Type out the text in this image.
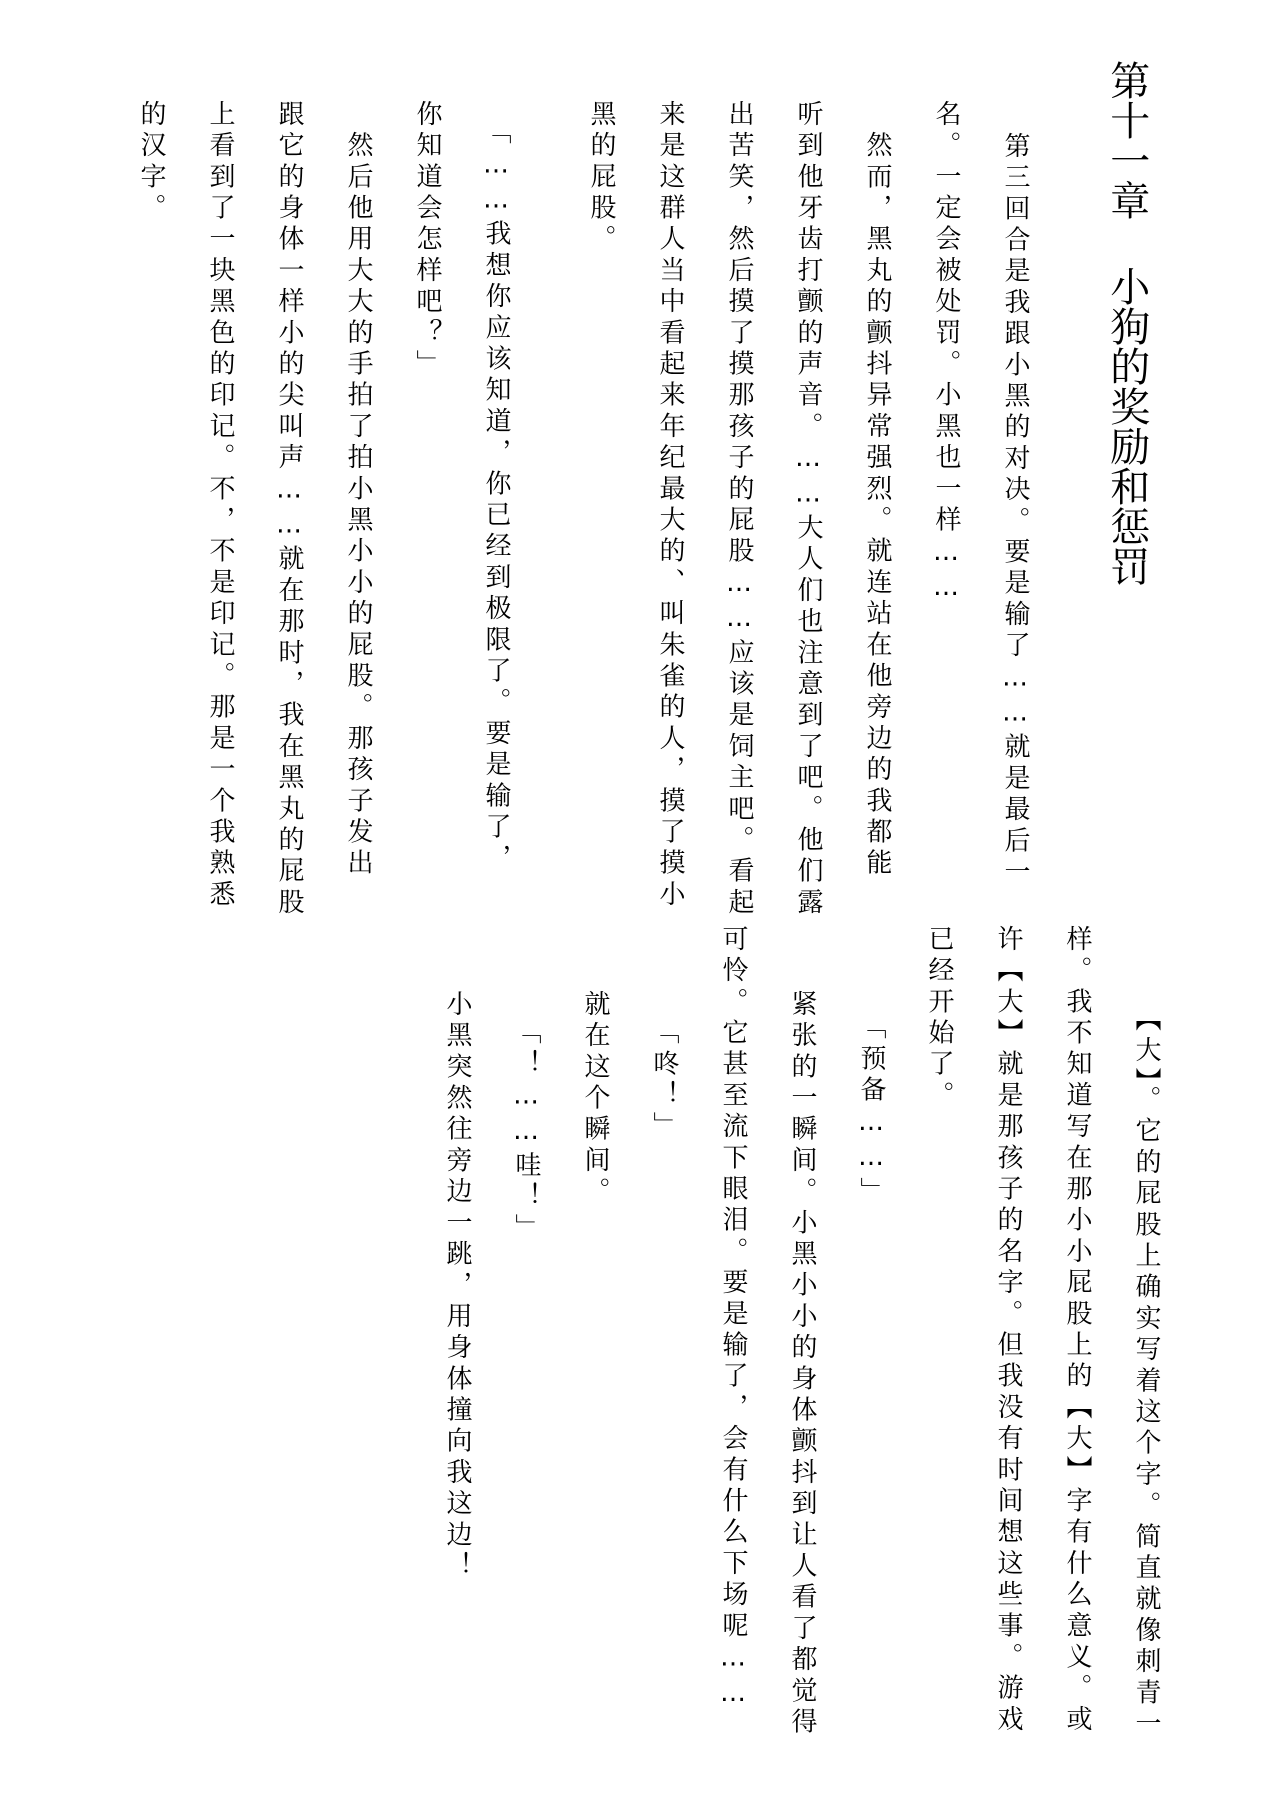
第十一章 小狗的奖励和惩罚
第三回合是我跟小黑的对决。要是输了……就是最后一
名。一定会被处罚。小黑也一样……
　然而，黑丸的颤抖异常强烈。就连站在他旁边的我都能
听到他牙齿打颤的声音。……大人们也注意到了吧。他们露
出苦笑，然后摸了摸那孩子的屁股……应该是饲主吧。看起
来是这群人当中看起来年纪最大的、叫朱雀的人，摸了摸小
黑的屁股。
　「……我想你应该知道，你已经到极限了。要是输了，
你知道会怎样吧？」
　然后他用大大的手拍了拍小黑小小的屁股。那孩子发出
跟它的身体一样小的尖叫声……就在那时，我在黑丸的屁股
上看到了一块黑色的印记。不，不是印记。那是一个我熟悉
的汉字。
【大】。它的屁股上确实写着这个字。简直就像刺青一
样。我不知道写在那小小屁股上的【大】字有什么意义。或
许【大】就是那孩子的名字。但我没有时间想这些事。游戏
已经开始了。
　「预备……」
紧张的一瞬间。小黑小小的身体颤抖到让人看了都觉得
可怜。它甚至流下眼泪。要是输了，会有什么下场呢……
　「咚！」
就在这个瞬间。
　「！……哇！」
小黑突然往旁边一跳，用身体撞向我这边！
